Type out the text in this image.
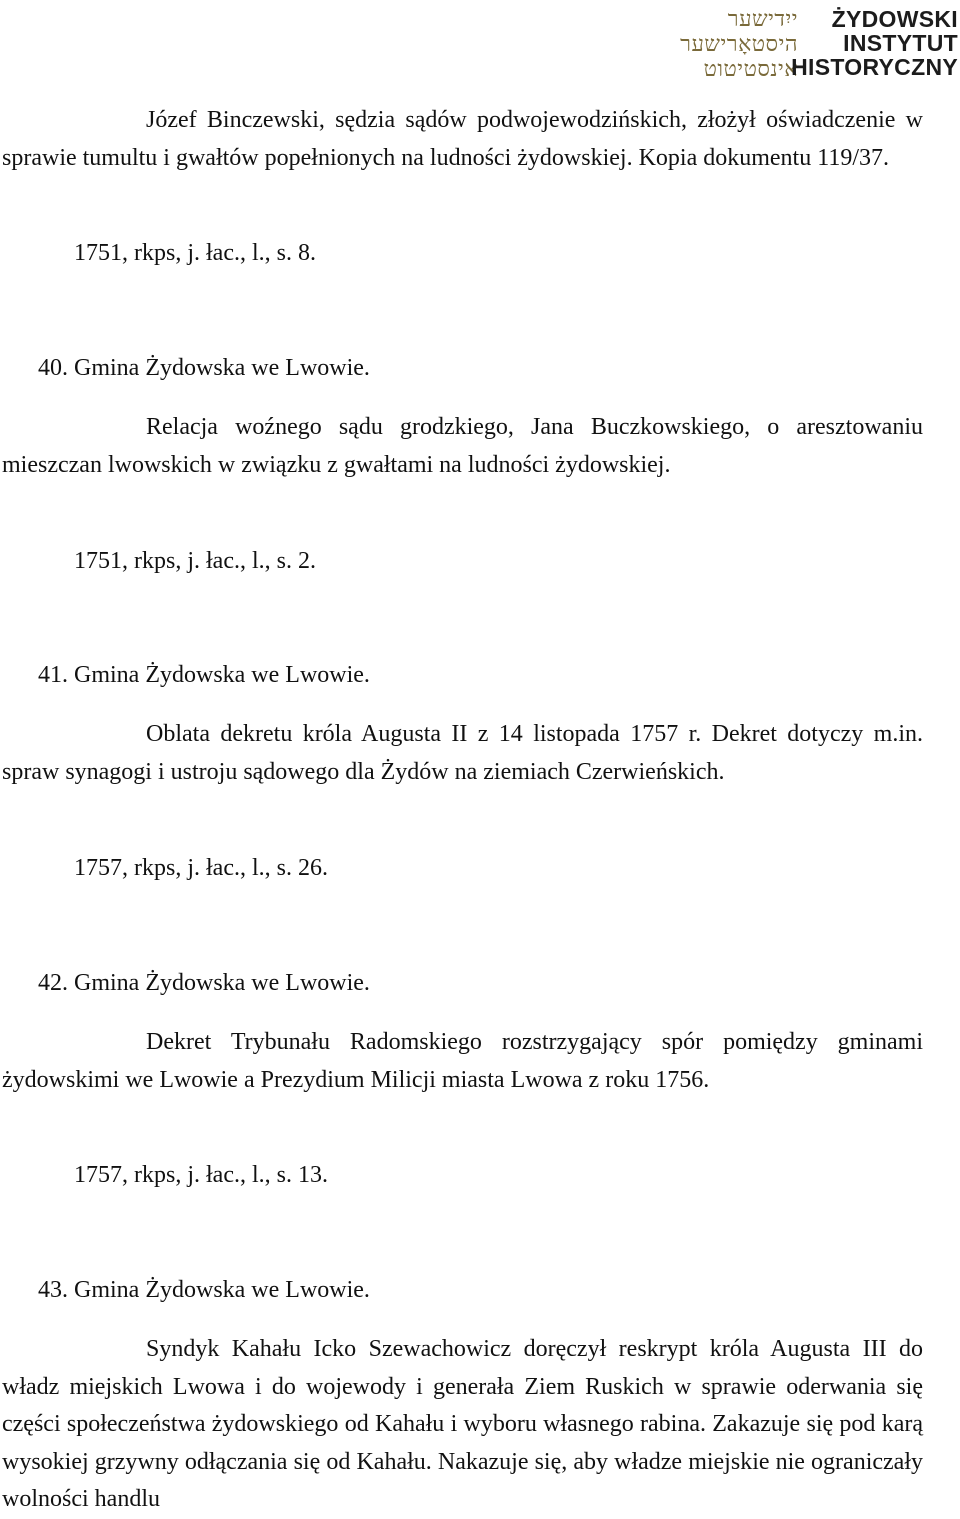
ייִדישער
היסטאָרישער
אינסטיטוט
ŻYDOWSKI
INSTYTUT
HISTORYCZNY

Józef Binczewski, sędzia sądów podwojewodzińskich, złożył oświadczenie w sprawie tumultu i gwałtów popełnionych na ludności żydowskiej. Kopia dokumentu 119/37.

1751, rkps, j. łac., l., s. 8.

40. Gmina Żydowska we Lwowie.

Relacja woźnego sądu grodzkiego, Jana Buczkowskiego, o aresztowaniu mieszczan lwowskich w związku z gwałtami na ludności żydowskiej.

1751, rkps, j. łac., l., s. 2.

41. Gmina Żydowska we Lwowie.

Oblata dekretu króla Augusta II z 14 listopada 1757 r. Dekret dotyczy m.in. spraw synagogi i ustroju sądowego dla Żydów na ziemiach Czerwieńskich.

1757, rkps, j. łac., l., s. 26.

42. Gmina Żydowska we Lwowie.

Dekret Trybunału Radomskiego rozstrzygający spór pomiędzy gminami żydowskimi we Lwowie a Prezydium Milicji miasta Lwowa z roku 1756.

1757, rkps, j. łac., l., s. 13.

43. Gmina Żydowska we Lwowie.

Syndyk Kahału Icko Szewachowicz doręczył reskrypt króla Augusta III do władz miejskich Lwowa i do wojewody i generała Ziem Ruskich w sprawie oderwania się części społeczeństwa żydowskiego od Kahału i wyboru własnego rabina. Zakazuje się pod karą wysokiej grzywny odłączania się od Kahału. Nakazuje się, aby władze miejskie nie ograniczały wolności handlu
